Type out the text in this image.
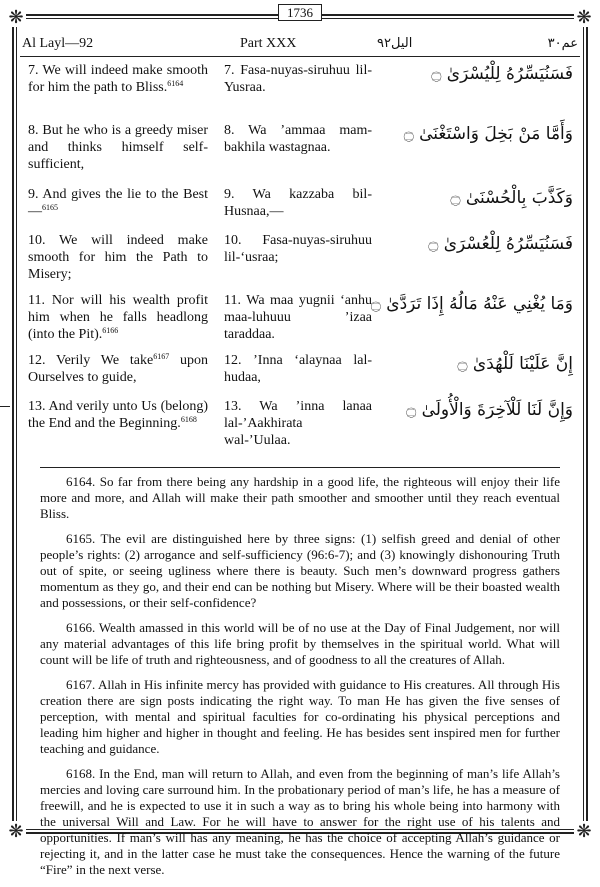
❋	❋
❋	❋
1736
Al Layl—92	Part XXX	اليل٩٢	عم٣٠
7. We will indeed make smooth for him the path to Bliss.$^{6164}$
7. Fasa-nuyas-siruhuu lil-Yusraa.
فَسَنُيَسِّرُهُ لِلْيُسْرَىٰ ۝
8. But he who is a greedy miser and thinks himself self-sufficient,
8. Wa ’ammaa mam-bakhila wastagnaa.
وَأَمَّا مَنْ بَخِلَ وَاسْتَغْنَىٰ ۝
9. And gives the lie to the Best—$^{6165}$
9. Wa kazzaba bil-Husnaa,—
وَكَذَّبَ بِالْحُسْنَىٰ ۝
10. We will indeed make smooth for him the Path to Misery;
10. Fasa-nuyas-siruhuu lil-‘usraa;
فَسَنُيَسِّرُهُ لِلْعُسْرَىٰ ۝
11. Nor will his wealth profit him when he falls headlong (into the Pit).$^{6166}$
11. Wa maa yugnii ‘anhu maa-luhuuu ’izaa taraddaa.
وَمَا يُغْنِي عَنْهُ مَالُهُ إِذَا تَرَدَّىٰ ۝
12. Verily We take$^{6167}$ upon Ourselves to guide,
12. ’Inna ‘alaynaa lal-hudaa,
إِنَّ عَلَيْنَا لَلْهُدَىٰ ۝
13. And verily unto Us (belong) the End and the Beginning.$^{6168}$
13. Wa ’inna lanaa lal-’Aakhirata wal-’Uulaa.
وَإِنَّ لَنَا لَلْآخِرَةَ وَالْأُولَىٰ ۝

6164. So far from there being any hardship in a good life, the righteous will enjoy their life more and more, and Allah will make their path smoother and smoother until they reach eventual Bliss.

6165. The evil are distinguished here by three signs: (1) selfish greed and denial of other people’s rights: (2) arrogance and self-sufficiency (96:6-7); and (3) knowingly dishonouring Truth out of spite, or seeing ugliness where there is beauty. Such men’s downward progress gathers momentum as they go, and their end can be nothing but Misery. Where will be their boasted wealth and possessions, or their self-confidence?

6166. Wealth amassed in this world will be of no use at the Day of Final Judgement, nor will any material advantages of this life bring profit by themselves in the spiritual world. What will count will be life of truth and righteousness, and of goodness to all the creatures of Allah.

6167. Allah in His infinite mercy has provided with guidance to His creatures. All through His creation there are sign posts indicating the right way. To man He has given the five senses of perception, with mental and spiritual faculties for co-ordinating his physical perceptions and leading him higher and higher in thought and feeling. He has besides sent inspired men for further teaching and guidance.

6168. In the End, man will return to Allah, and even from the beginning of man’s life Allah’s mercies and loving care surround him. In the probationary period of man’s life, he has a measure of freewill, and he is expected to use it in such a way as to bring his whole being into harmony with the universal Will and Law. For he will have to answer for the right use of his talents and opportunities. If man’s will has any meaning, he has the choice of accepting Allah’s guidance or rejecting it, and in the latter case he must take the consequences. Hence the warning of the future “Fire” in the next verse.
